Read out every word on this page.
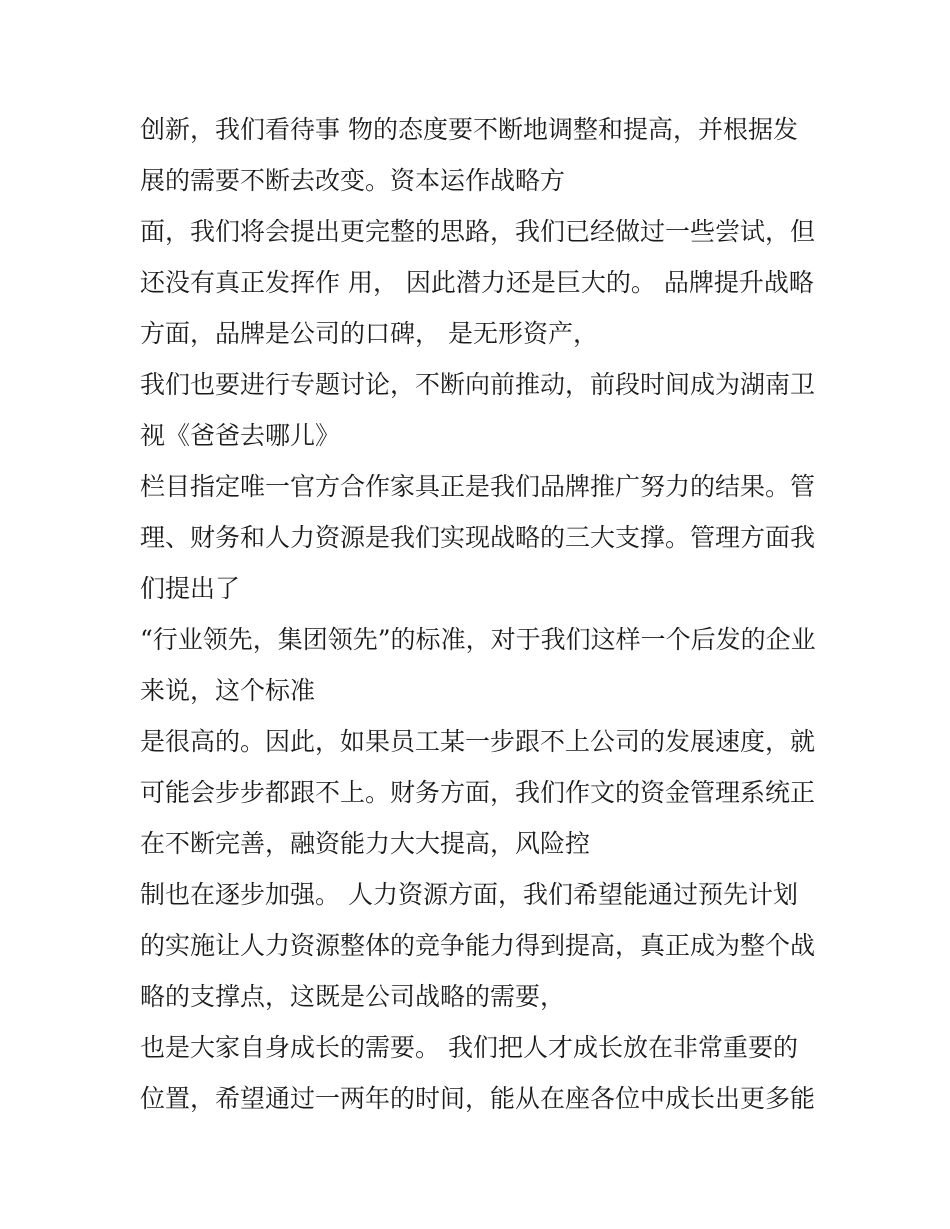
创新，我们看待事 物的态度要不断地调整和提高，并根据发
展的需要不断去改变。资本运作战略方
面，我们将会提出更完整的思路，我们已经做过一些尝试，但
还没有真正发挥作 用， 因此潜力还是巨大的。 品牌提升战略
方面，品牌是公司的口碑， 是无形资产，
我们也要进行专题讨论，不断向前推动，前段时间成为湖南卫
视《爸爸去哪儿》
栏目指定唯一官方合作家具正是我们品牌推广努力的结果。管
理、财务和人力资源是我们实现战略的三大支撑。管理方面我
们提出了
“行业领先，集团领先”的标准，对于我们这样一个后发的企业
来说，这个标准
是很高的。因此，如果员工某一步跟不上公司的发展速度，就
可能会步步都跟不上。财务方面，我们作文的资金管理系统正
在不断完善，融资能力大大提高，风险控
制也在逐步加强。 人力资源方面，我们希望能通过预先计划
的实施让人力资源整体的竞争能力得到提高，真正成为整个战
略的支撑点，这既是公司战略的需要，
也是大家自身成长的需要。 我们把人才成长放在非常重要的
位置，希望通过一两年的时间，能从在座各位中成长出更多能
